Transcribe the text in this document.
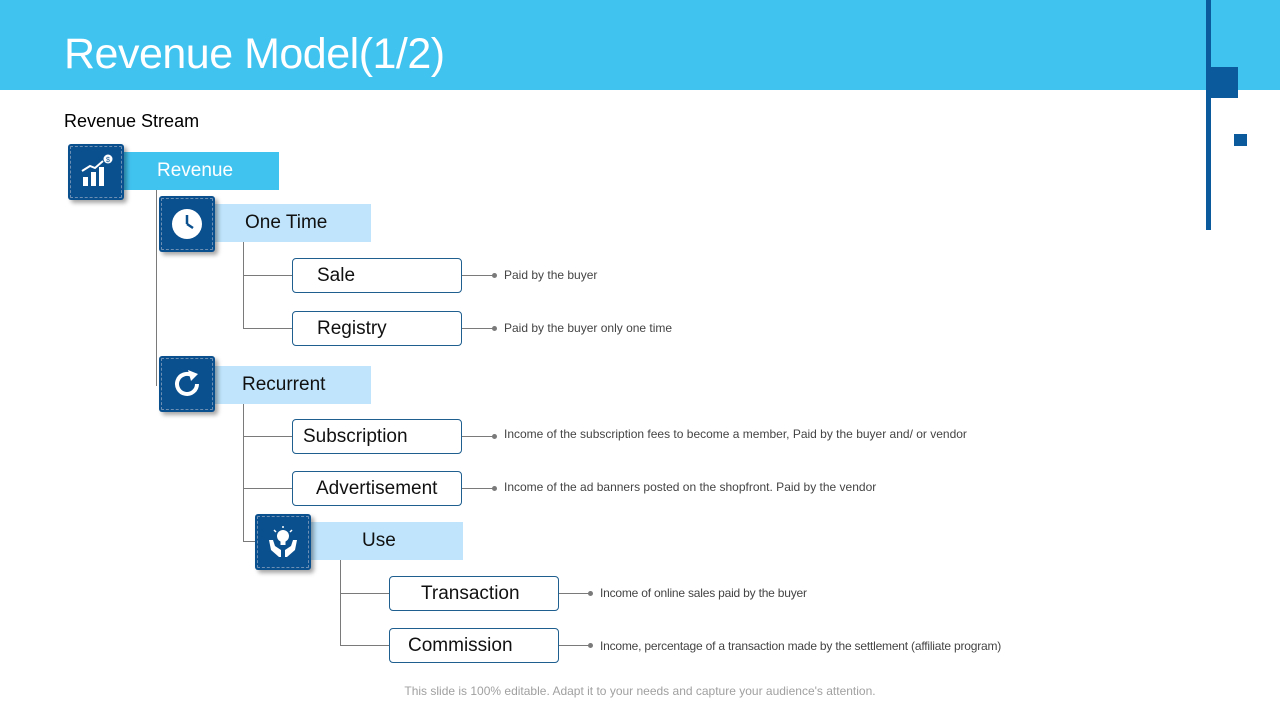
Revenue Model(1/2)
Revenue Stream
Revenue
$
One Time
Sale	Paid by the buyer
Registry	Paid by the buyer only one time
Recurrent
Subscription	Income of the subscription fees to become a member, Paid by the buyer and/ or vendor
Advertisement	Income of the ad banners posted on the shopfront. Paid by the vendor
Use
Transaction	Income of online sales paid by the buyer
Commission	Income, percentage of a transaction made by the settlement (affiliate program)
This slide is 100% editable. Adapt it to your needs and capture your audience's attention.
